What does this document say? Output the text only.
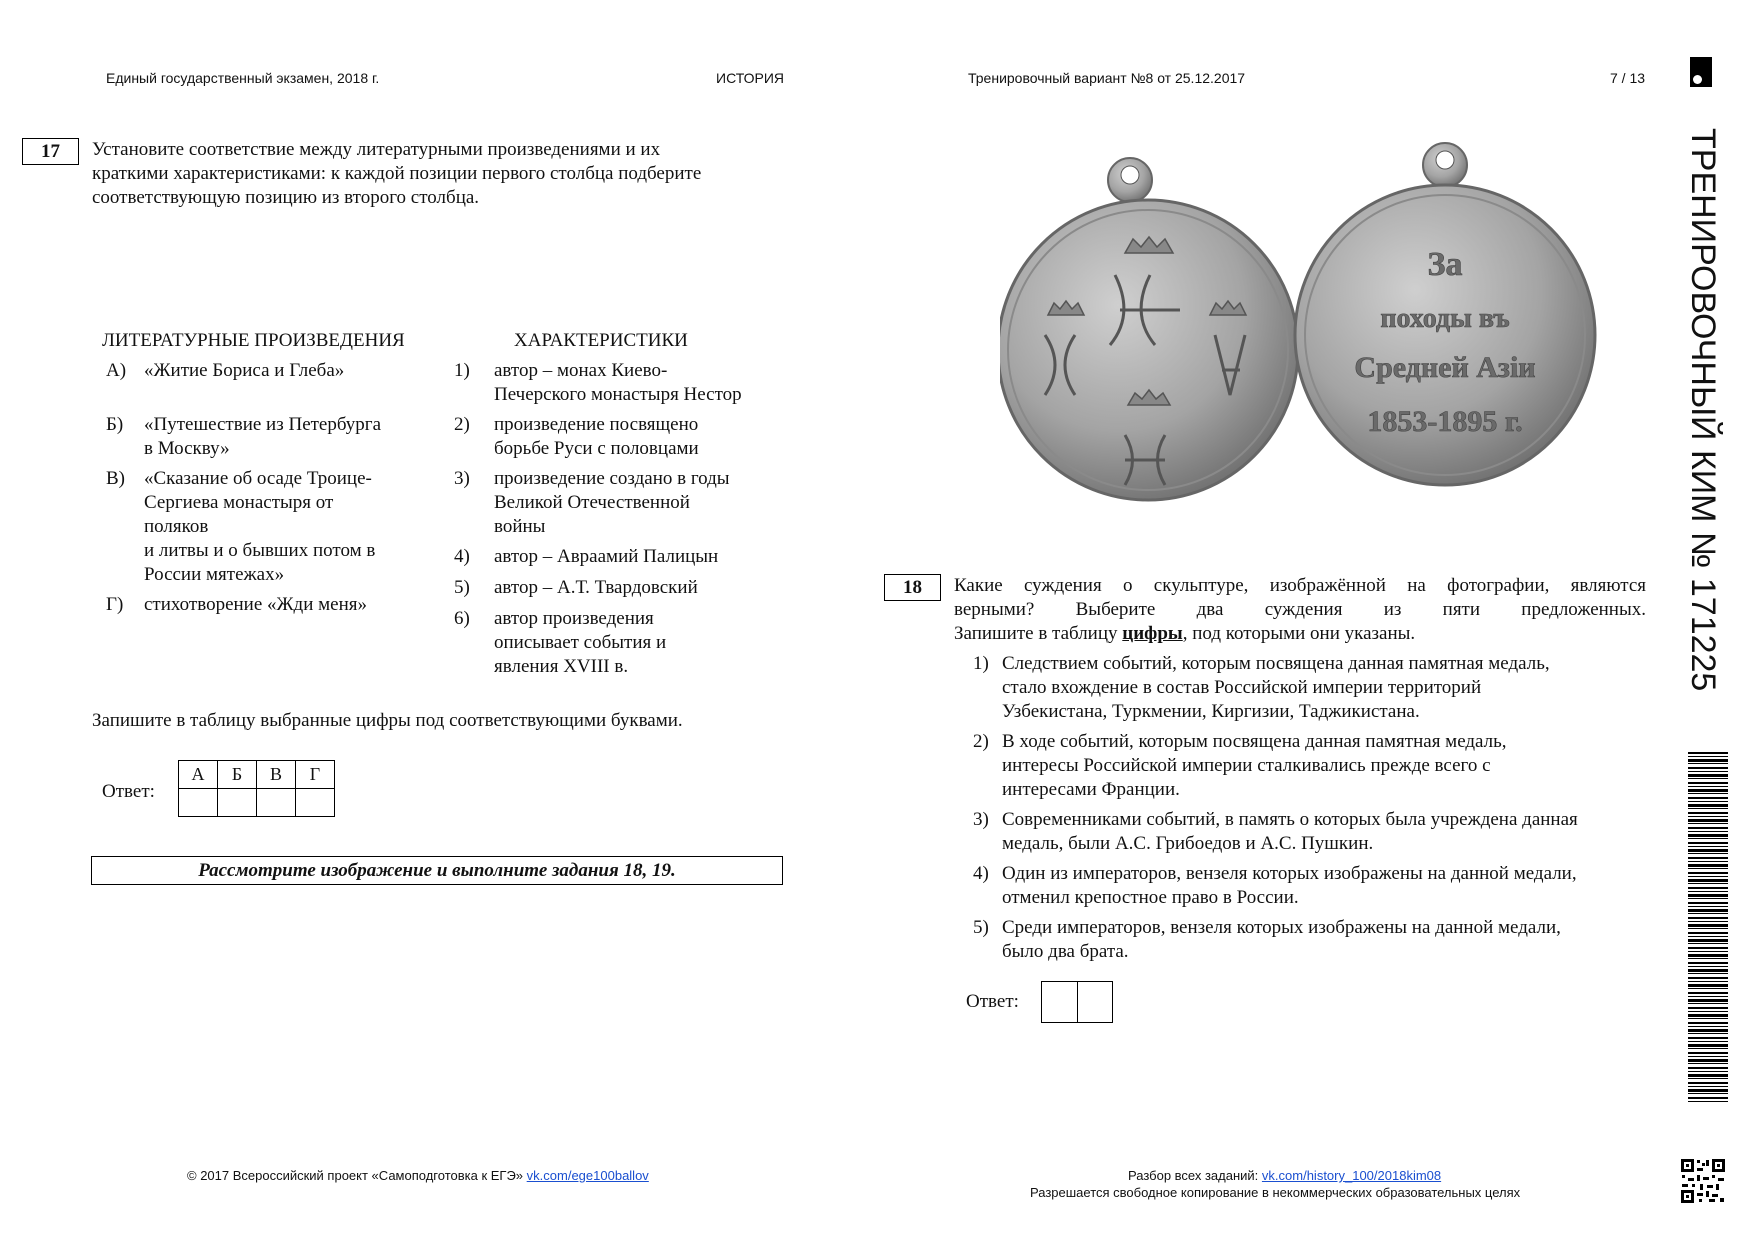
Единый государственный экзамен, 2018 г.	ИСТОРИЯ	Тренировочный вариант №8 от 25.12.2017	7 / 13
ТРЕНИРОВОЧНЫЙ КИМ № 171225
17	Установите соответствие между литературными произведениями и их
краткими характеристиками: к каждой позиции первого столбца подберите
соответствующую позицию из второго столбца.
ЛИТЕРАТУРНЫЕ ПРОИЗВЕДЕНИЯ	ХАРАКТЕРИСТИКИ
А) «Житие Бориса и Глеба»
Б) «Путешествие из Петербурга
в Москву»
В) «Сказание об осаде Троице-
Сергиева монастыря от
поляков
и литвы и о бывших потом в
России мятежах»
Г) стихотворение «Жди меня»
1) автор – монах Киево-
Печерского монастыря Нестор
2) произведение посвящено
борьбе Руси с половцами
3) произведение создано в годы
Великой Отечественной
войны
4) автор – Авраамий Палицын
5) автор – А.Т. Твардовский
6) автор произведения
описывает события и
явления XVIII в.
Запишите в таблицу выбранные цифры под соответствующими буквами.
Ответ:
А	Б	В	Г

Рассмотрите изображение и выполните задания 18, 19.
За
походы въ
Средней Азіи
1853-1895 г.
18	Какие суждения о скульптуре, изображённой на фотографии, являются
верными? Выберите два суждения из пяти предложенных.
Запишите в таблицу цифры, под которыми они указаны.
1) Следствием событий, которым посвящена данная памятная медаль,
стало вхождение в состав Российской империи территорий
Узбекистана, Туркмении, Киргизии, Таджикистана.
2) В ходе событий, которым посвящена данная памятная медаль,
интересы Российской империи сталкивались прежде всего с
интересами Франции.
3) Современниками событий, в память о которых была учреждена данная
медаль, были А.С. Грибоедов и А.С. Пушкин.
4) Один из императоров, вензеля которых изображены на данной медали,
отменил крепостное право в России.
5) Среди императоров, вензеля которых изображены на данной медали,
было два брата.
Ответ:
© 2017 Всероссийский проект «Самоподготовка к ЕГЭ» vk.com/ege100ballov	Разбор всех заданий: vk.com/history_100/2018kim08
Разрешается свободное копирование в некоммерческих образовательных целях
